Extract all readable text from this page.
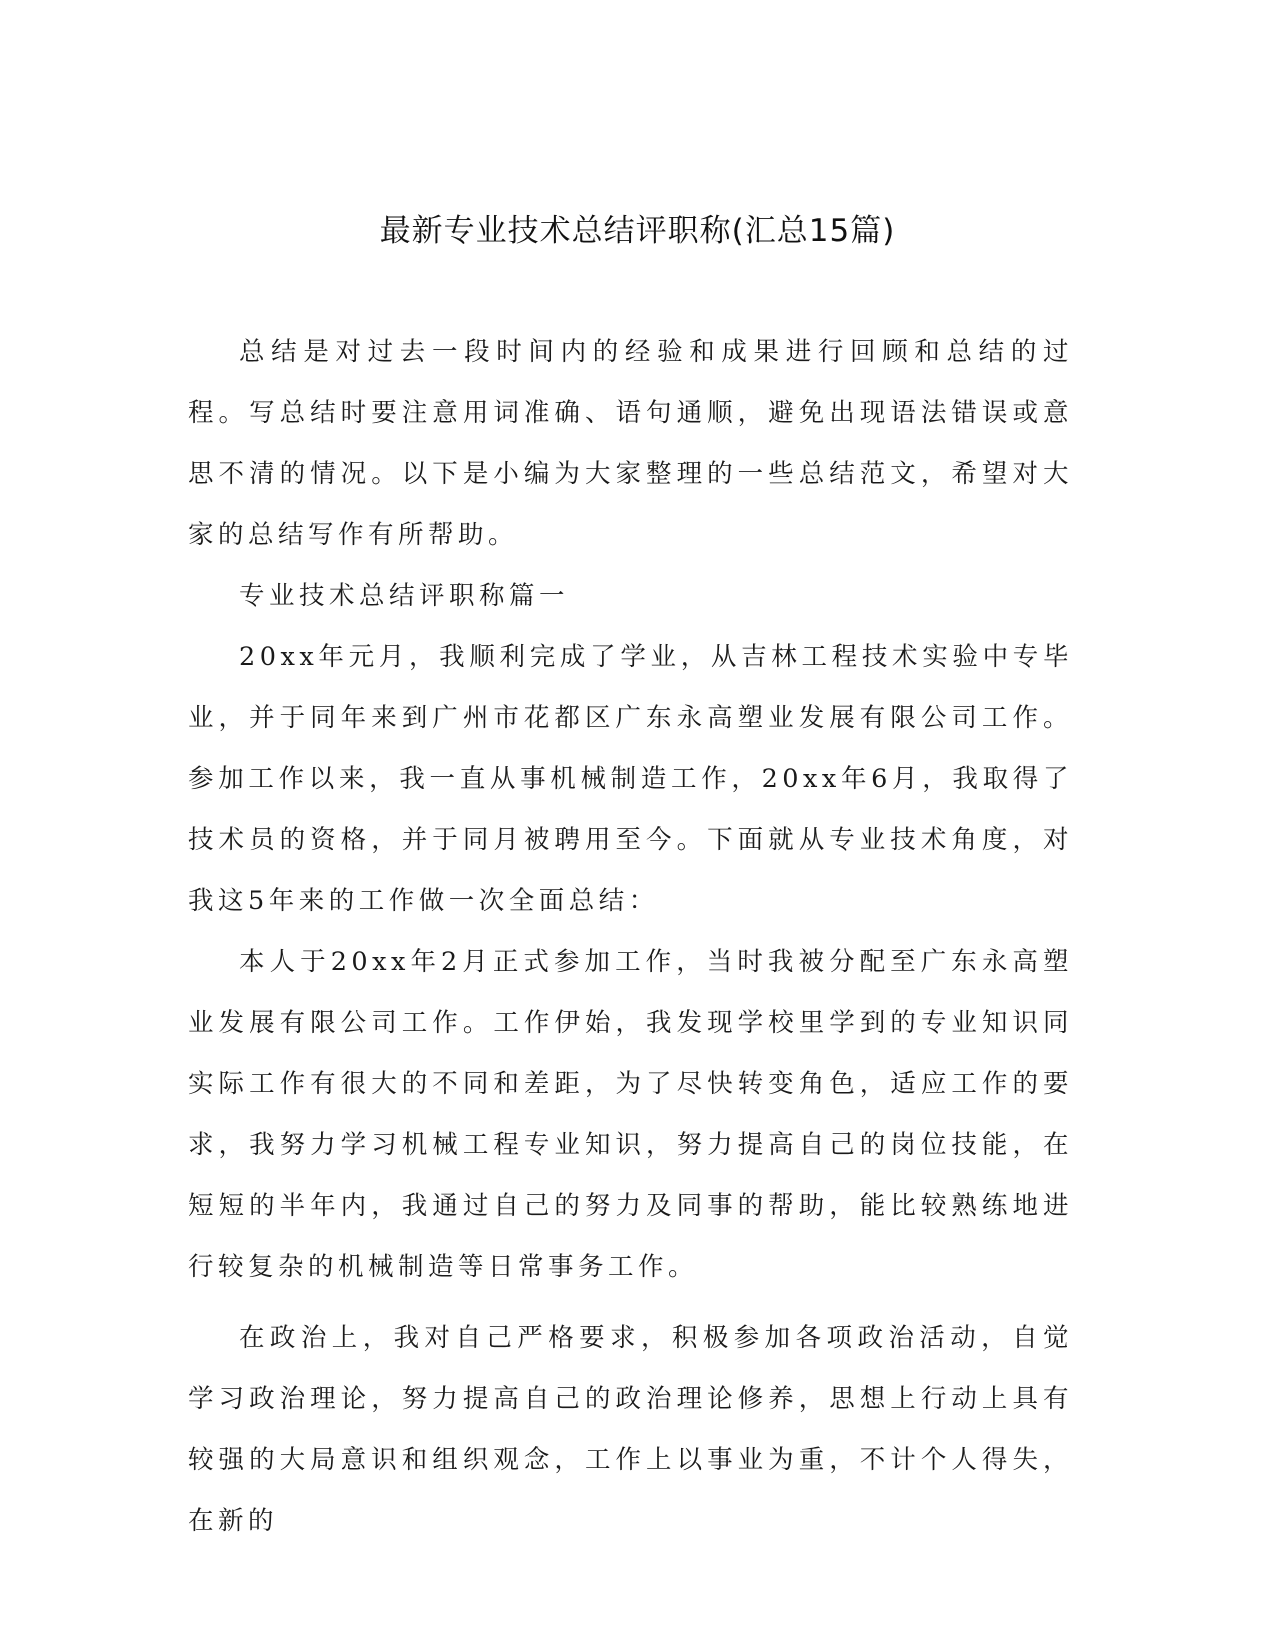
最新专业技术总结评职称(汇总15篇)

总结是对过去一段时间内的经验和成果进行回顾和总结的过程。写总结时要注意用词准确、语句通顺，避免出现语法错误或意思不清的情况。以下是小编为大家整理的一些总结范文，希望对大家的总结写作有所帮助。

专业技术总结评职称篇一

20xx年元月，我顺利完成了学业，从吉林工程技术实验中专毕业，并于同年来到广州市花都区广东永高塑业发展有限公司工作。参加工作以来，我一直从事机械制造工作，20xx年6月，我取得了技术员的资格，并于同月被聘用至今。下面就从专业技术角度，对我这5年来的工作做一次全面总结：

本人于20xx年2月正式参加工作，当时我被分配至广东永高塑业发展有限公司工作。工作伊始，我发现学校里学到的专业知识同实际工作有很大的不同和差距，为了尽快转变角色，适应工作的要求，我努力学习机械工程专业知识，努力提高自己的岗位技能，在短短的半年内，我通过自己的努力及同事的帮助，能比较熟练地进行较复杂的机械制造等日常事务工作。

在政治上，我对自己严格要求，积极参加各项政治活动，自觉学习政治理论，努力提高自己的政治理论修养，思想上行动上具有较强的大局意识和组织观念，工作上以事业为重，不计个人得失，在新的
